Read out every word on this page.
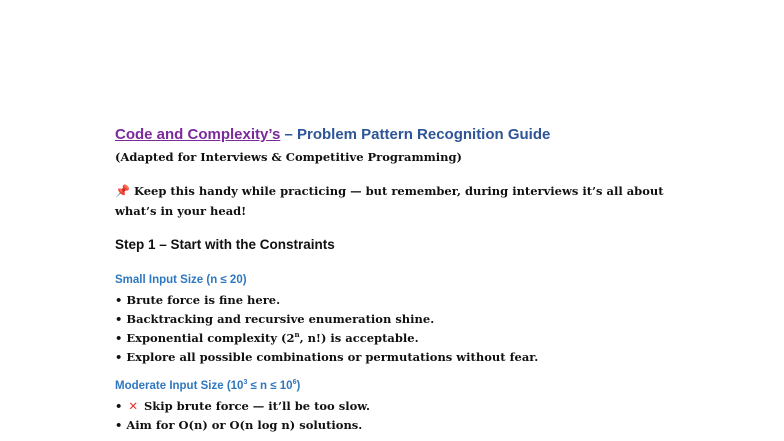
Code and Complexity’s – Problem Pattern Recognition Guide
(Adapted for Interviews & Competitive Programming)
📌 Keep this handy while practicing — but remember, during interviews it’s all about
what’s in your head!
Step 1 – Start with the Constraints
Small Input Size (n ≤ 20)
• Brute force is fine here.
• Backtracking and recursive enumeration shine.
• Exponential complexity (2$^n$, n!) is acceptable.
• Explore all possible combinations or permutations without fear.
Moderate Input Size $(10^3 \le n \le 10^6)$
• ✕ Skip brute force — it’ll be too slow.
• Aim for O(n) or O(n log n) solutions.
